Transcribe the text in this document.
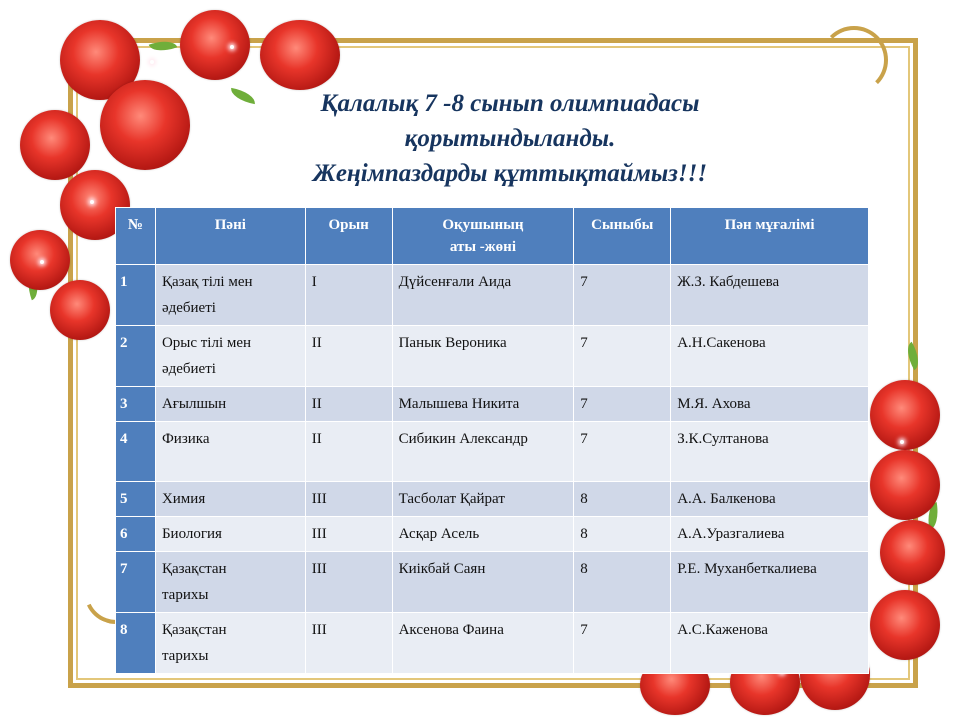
Қалалық 7 -8 сынып олимпиадасы
қорытындыланды.
Жеңімпаздарды құттықтаймыз!!!
№	Пәні	Орын	Оқушының
аты -жөні	Сыныбы	Пән мұғалімі
1	Қазақ тілі мен
әдебиеті	I	Дүйсенғали Аида	7	Ж.З. Кабдешева
2	Орыс тілі мен
әдебиеті	II	Панык Вероника	7	А.Н.Сакенова
3	Ағылшын	II	Малышева Никита	7	М.Я. Ахова
4	Физика	II	Сибикин Александр	7	З.К.Султанова
5	Химия	III	Тасболат Қайрат	8	А.А. Балкенова
6	Биология	III	Асқар Асель	8	А.А.Уразгалиева
7	Қазақстан
тарихы	III	Киікбай Саян	8	Р.Е. Муханбеткалиева
8	Қазақстан
тарихы	III	Аксенова Фаина	7	А.С.Каженова
